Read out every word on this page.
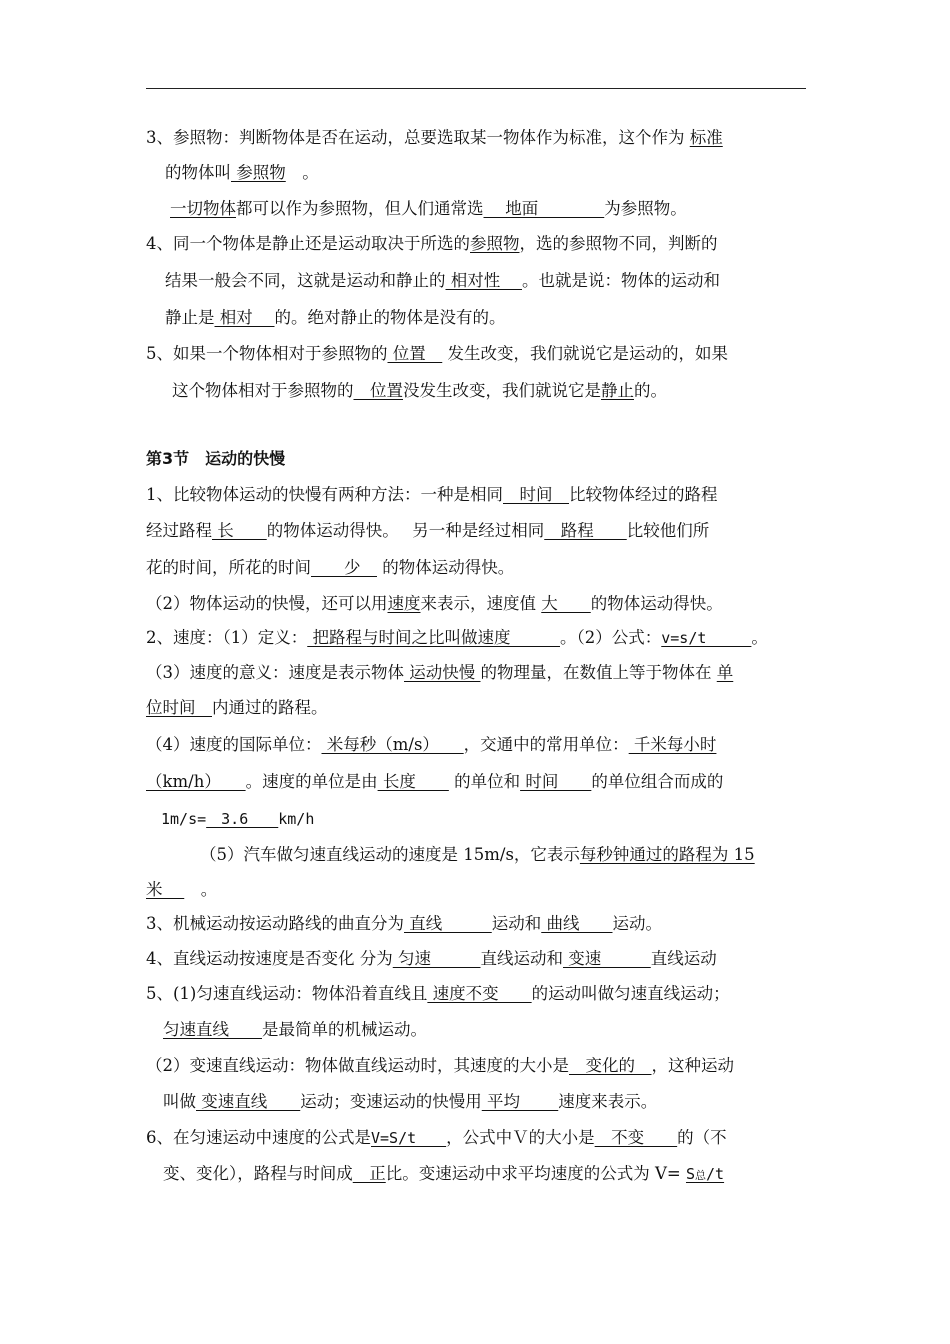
3、参照物：判断物体是否在运动，总要选取某一物体作为标准，这个作为 标准
的物体叫 参照物　。
一切物体都可以作为参照物，但人们通常选　 地面　　　　为参照物。
4、同一个物体是静止还是运动取决于所选的参照物，选的参照物不同，判断的
结果一般会不同，这就是运动和静止的 相对性　 。也就是说：物体的运动和
静止是 相对　 的。绝对静止的物体是没有的。
5、如果一个物体相对于参照物的 位置　 发生改变，我们就说它是运动的，如果
这个物体相对于参照物的　位置没发生改变，我们就说它是静止的。
第3节　运动的快慢
1、比较物体运动的快慢有两种方法：一种是相同　时间　比较物体经过的路程
经过路程 长　　的物体运动得快。　 另一种是经过相同　路程　　比较他们所
花的时间，所花的时间　　少　 的物体运动得快。
（2）物体运动的快慢，还可以用速度来表示，速度值 大　　的物体运动得快。
2、速度：（1）定义： 把路程与时间之比叫做速度　　　。（2）公式：v=s/t　　　。
（3）速度的意义：速度是表示物体 运动快慢 的物理量，在数值上等于物体在 单
位时间　内通过的路程。
（4）速度的国际单位： 米每秒（m/s）　　，交通中的常用单位： 千米每小时
（km/h）　　。速度的单位是由 长度　　 的单位和 时间　　的单位组合而成的
1m/s=　3.6　　km/h
（5）汽车做匀速直线运动的速度是 15m/s，它表示每秒钟通过的路程为 15
米　 　。
3、机械运动按运动路线的曲直分为 直线　　　运动和 曲线　　运动。
4、直线运动按速度是否变化 分为 匀速　　　直线运动和 变速　　　直线运动
5、(1)匀速直线运动：物体沿着直线且 速度不变　　的运动叫做匀速直线运动；
匀速直线　　是最简单的机械运动。
（2）变速直线运动：物体做直线运动时，其速度的大小是　变化的　，这种运动
叫做 变速直线　　运动；变速运动的快慢用 平均　　 速度来表示。
6、在匀速运动中速度的公式是V=S/t　　，公式中Ｖ的大小是　不变　　的（不
变、变化），路程与时间成　正比。变速运动中求平均速度的公式为 V= S总/t
